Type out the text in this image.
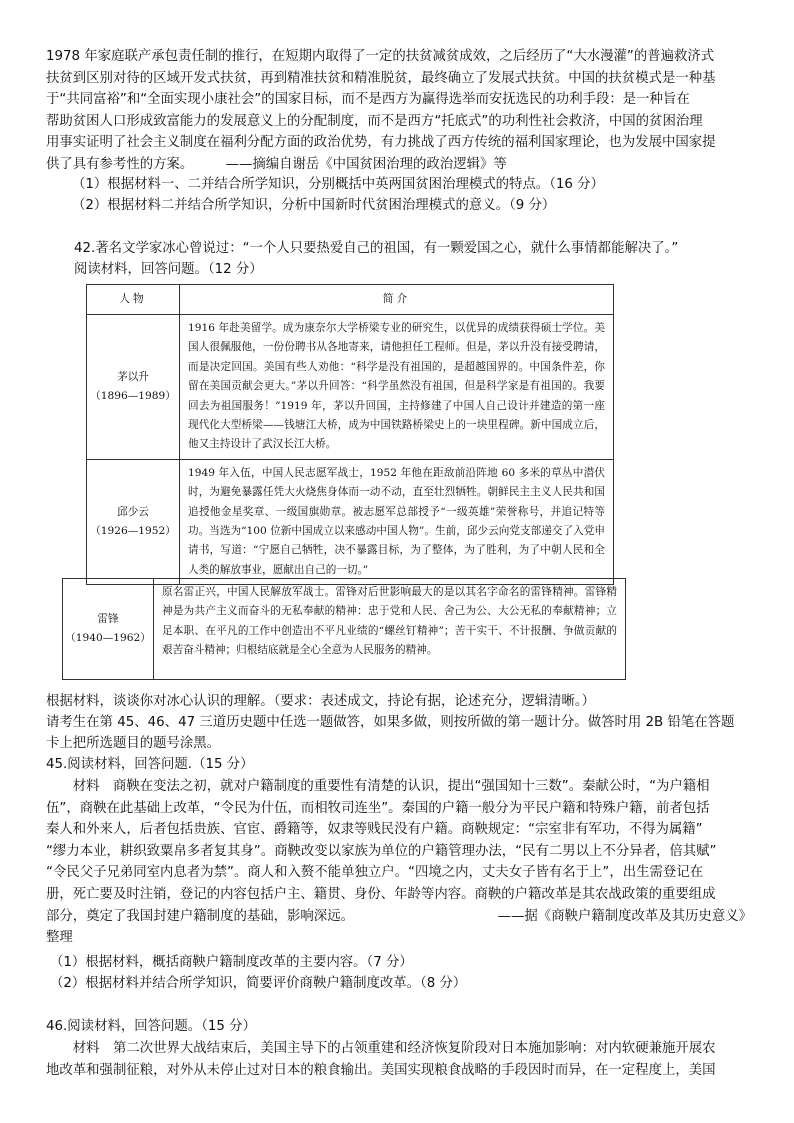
1978 年家庭联产承包责任制的推行，在短期内取得了一定的扶贫减贫成效，之后经历了“大水漫灌”的普遍救济式
扶贫到区别对待的区域开发式扶贫，再到精准扶贫和精准脱贫，最终确立了发展式扶贫。中国的扶贫模式是一种基
于“共同富裕”和“全面实现小康社会”的国家目标，而不是西方为赢得选举而安抚选民的功利手段：是一种旨在
帮助贫困人口形成致富能力的发展意义上的分配制度，而不是西方“托底式”的功利性社会救济，中国的贫困治理
用事实证明了社会主义制度在福利分配方面的政治优势，有力挑战了西方传统的福利国家理论，也为发展中国家提
供了具有参考性的方案。 ——摘编自谢岳《中国贫困治理的政治逻辑》等
（1）根据材料一、二并结合所学知识，分别概括中英两国贫困治理模式的特点。（16 分）
（2）根据材料二并结合所学知识，分析中国新时代贫困治理模式的意义。（9 分）
42.著名文学家冰心曾说过：“一个人只要热爱自己的祖国，有一颗爱国之心，就什么事情都能解决了。”
阅读材料，回答问题。（12 分）
人物	简介

茅以升
（1896—1989）	1916 年赴美留学。成为康奈尔大学桥梁专业的研究生，以优异的成绩获得硕士学位。美国人很佩服他，一份份聘书从各地寄来，请他担任工程师。但是，茅以升没有接受聘请，而是决定回国。美国有些人劝他：“科学是没有祖国的，是超越国界的。中国条件差，你留在美国贡献会更大。”茅以升回答：“科学虽然没有祖国，但是科学家是有祖国的。我要回去为祖国服务！”1919 年，茅以升回国，主持修建了中国人自己设计并建造的第一座现代化大型桥梁——钱塘江大桥，成为中国铁路桥梁史上的一块里程碑。新中国成立后，他又主持设计了武汉长江大桥。

邱少云
（1926—1952）	1949 年入伍，中国人民志愿军战士，1952 年他在距敌前沿阵地 60 多米的草丛中潜伏时，为避免暴露任凭大火烧焦身体而一动不动，直至壮烈牺牲。朝鲜民主主义人民共和国追授他金星奖章、一级国旗勋章。被志愿军总部授予“一级英雄”荣誉称号，并追记特等功。当选为“100 位新中国成立以来感动中国人物”。生前，邱少云向党支部递交了入党申请书，写道：“宁愿自己牺牲，决不暴露目标，为了整体，为了胜利，为了中朝人民和全人类的解放事业，愿献出自己的一切。”
雷锋
（1940—1962）
	原名雷正兴，中国人民解放军战士。雷锋对后世影响最大的是以其名字命名的雷锋精神。雷锋精神是为共产主义而奋斗的无私奉献的精神：忠于党和人民、舍己为公、大公无私的奉献精神；立足本职、在平凡的工作中创造出不平凡业绩的“螺丝钉精神”；苦干实干、不计报酬、争做贡献的艰苦奋斗精神；归根结底就是全心全意为人民服务的精神。
根据材料，谈谈你对冰心认识的理解。（要求：表述成文，持论有据，论述充分，逻辑清晰。）
请考生在第 45、46、47 三道历史题中任选一题做答，如果多做，则按所做的第一题计分。做答时用 2B 铅笔在答题
卡上把所选题目的题号涂黑。
45.阅读材料，回答问题.（15 分）
材料　商鞅在变法之初，就对户籍制度的重要性有清楚的认识，提出“强国知十三数”。秦献公时，“为户籍相
伍”，商鞅在此基础上改革，“令民为什伍，而相牧司连坐”。秦国的户籍一般分为平民户籍和特殊户籍，前者包括
秦人和外来人，后者包括贵族、官宦、爵籍等，奴隶等贱民没有户籍。商鞅规定：“宗室非有军功，不得为属籍”
“缪力本业，耕织致粟帛多者复其身”。商鞅改变以家族为单位的户籍管理办法，“民有二男以上不分异者，倍其赋”
“令民父子兄弟同室内息者为禁”。商人和入赘不能单独立户。“四境之内，丈夫女子皆有名于上”，出生需登记在
册，死亡要及时注销，登记的内容包括户主、籍贯、身份、年龄等内容。商鞅的户籍改革是其农战政策的重要组成
部分，奠定了我国封建户籍制度的基础，影响深远。	——据《商鞅户籍制度改革及其历史意义》
整理
（1）根据材料，概括商鞅户籍制度改革的主要内容。（7 分）
（2）根据材料并结合所学知识，简要评价商鞅户籍制度改革。（8 分）
46.阅读材料，回答问题。（15 分）
材料　第二次世界大战结束后，美国主导下的占领重建和经济恢复阶段对日本施加影响：对内软硬兼施开展农
地改革和强制征粮，对外从未停止过对日本的粮食输出。美国实现粮食战略的手段因时而异，在一定程度上，美国
